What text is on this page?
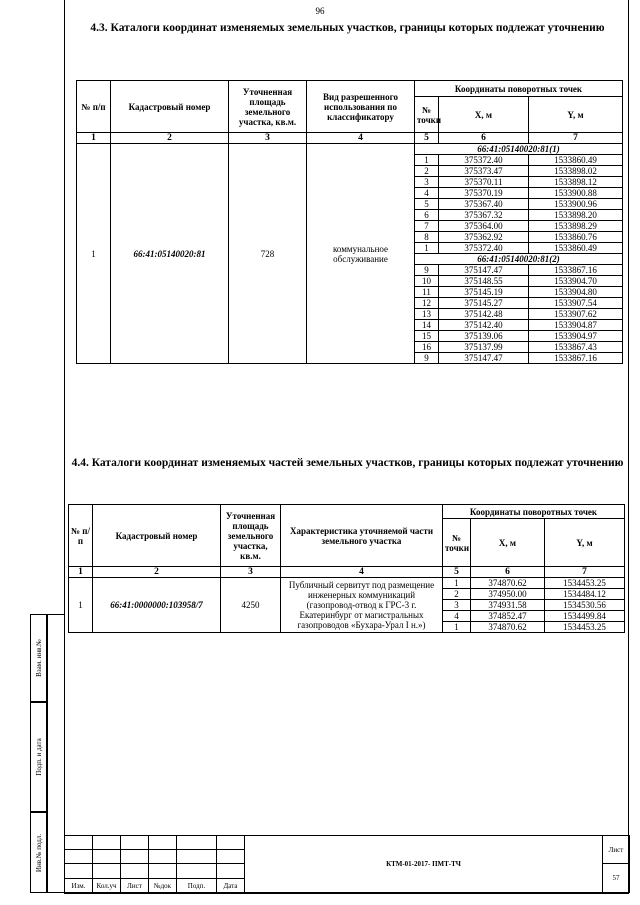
96
4.3. Каталоги координат изменяемых земельных участков, границы которых подлежат уточнению
№ п/п	Кадастровый номер	Уточненная площадь земельного участка, кв.м.	Вид разрешенного использования по классификатору	Координаты поворотных точек		
				№ точки	X, м	Y, м
1	2	3	4	5	6	7
1	66:41:05140020:81	728	коммунальное обслуживание	66:41:05140020:81(1)		
				1	375372.40	1533860.49
				2	375373.47	1533898.02
				3	375370.11	1533898.12
				4	375370.19	1533900.88
				5	375367.40	1533900.96
				6	375367.32	1533898.20
				7	375364.00	1533898.29
				8	375362.92	1533860.76
				1	375372.40	1533860.49
				66:41:05140020:81(2)		
				9	375147.47	1533867.16
				10	375148.55	1533904.70
				11	375145.19	1533904.80
				12	375145.27	1533907.54
				13	375142.48	1533907.62
				14	375142.40	1533904.87
				15	375139.06	1533904.97
				16	375137.99	1533867.43
				9	375147.47	1533867.16
4.4. Каталоги координат изменяемых частей земельных участков, границы которых подлежат уточнению
№ п/ п	Кадастровый номер	Уточненная площадь земельного участка, кв.м.	Характеристика уточняемой части земельного участка	Координаты поворотных точек		
				№ точки	X, м	Y, м
1	2	3	4	5	6	7
1	66:41:0000000:103958/7	4250	Публичный сервитут под размещение инженерных коммуникаций (газопровод-отвод к ГРС-3 г. Екатеринбург от магистральных газопроводов «Бухара-Урал I н.»)	1	374870.62	1534453.25
				2	374950.00	1534484.12
				3	374931.58	1534530.56
				4	374852.47	1534499.84
				1	374870.62	1534453.25
Взам. инв.№
Подп. и дата
Инв.№ подл.
							КТМ-01-2017- ПМТ-ТЧ	Лист

							57
Изм.	Кол.уч	Лист	№док	Подп.	Дата		
